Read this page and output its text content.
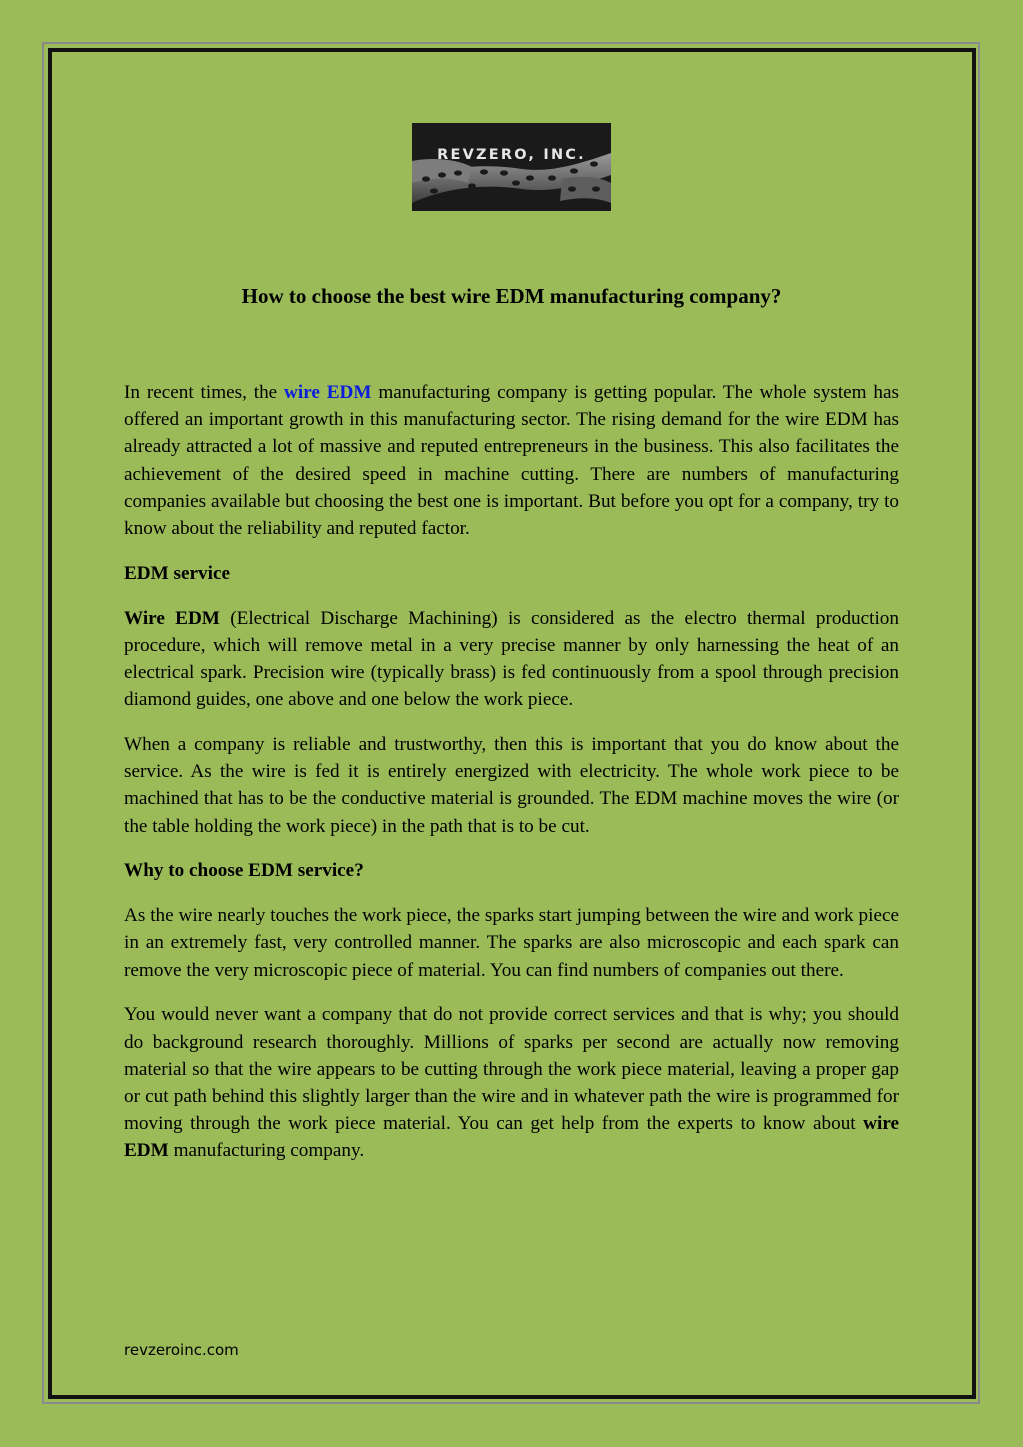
REVZERO, INC.
How to choose the best wire EDM manufacturing company?

In recent times, the wire EDM manufacturing company is getting popular. The whole system has offered an important growth in this manufacturing sector. The rising demand for the wire EDM has already attracted a lot of massive and reputed entrepreneurs in the business. This also facilitates the achievement of the desired speed in machine cutting. There are numbers of manufacturing companies available but choosing the best one is important. But before you opt for a company, try to know about the reliability and reputed factor.

EDM service

Wire EDM (Electrical Discharge Machining) is considered as the electro thermal production procedure, which will remove metal in a very precise manner by only harnessing the heat of an electrical spark. Precision wire (typically brass) is fed continuously from a spool through precision diamond guides, one above and one below the work piece.

When a company is reliable and trustworthy, then this is important that you do know about the service. As the wire is fed it is entirely energized with electricity. The whole work piece to be machined that has to be the conductive material is grounded. The EDM machine moves the wire (or the table holding the work piece) in the path that is to be cut.

Why to choose EDM service?

As the wire nearly touches the work piece, the sparks start jumping between the wire and work piece in an extremely fast, very controlled manner. The sparks are also microscopic and each spark can remove the very microscopic piece of material. You can find numbers of companies out there.

You would never want a company that do not provide correct services and that is why; you should do background research thoroughly. Millions of sparks per second are actually now removing material so that the wire appears to be cutting through the work piece material, leaving a proper gap or cut path behind this slightly larger than the wire and in whatever path the wire is programmed for moving through the work piece material. You can get help from the experts to know about wire EDM manufacturing company.

revzeroinc.com
